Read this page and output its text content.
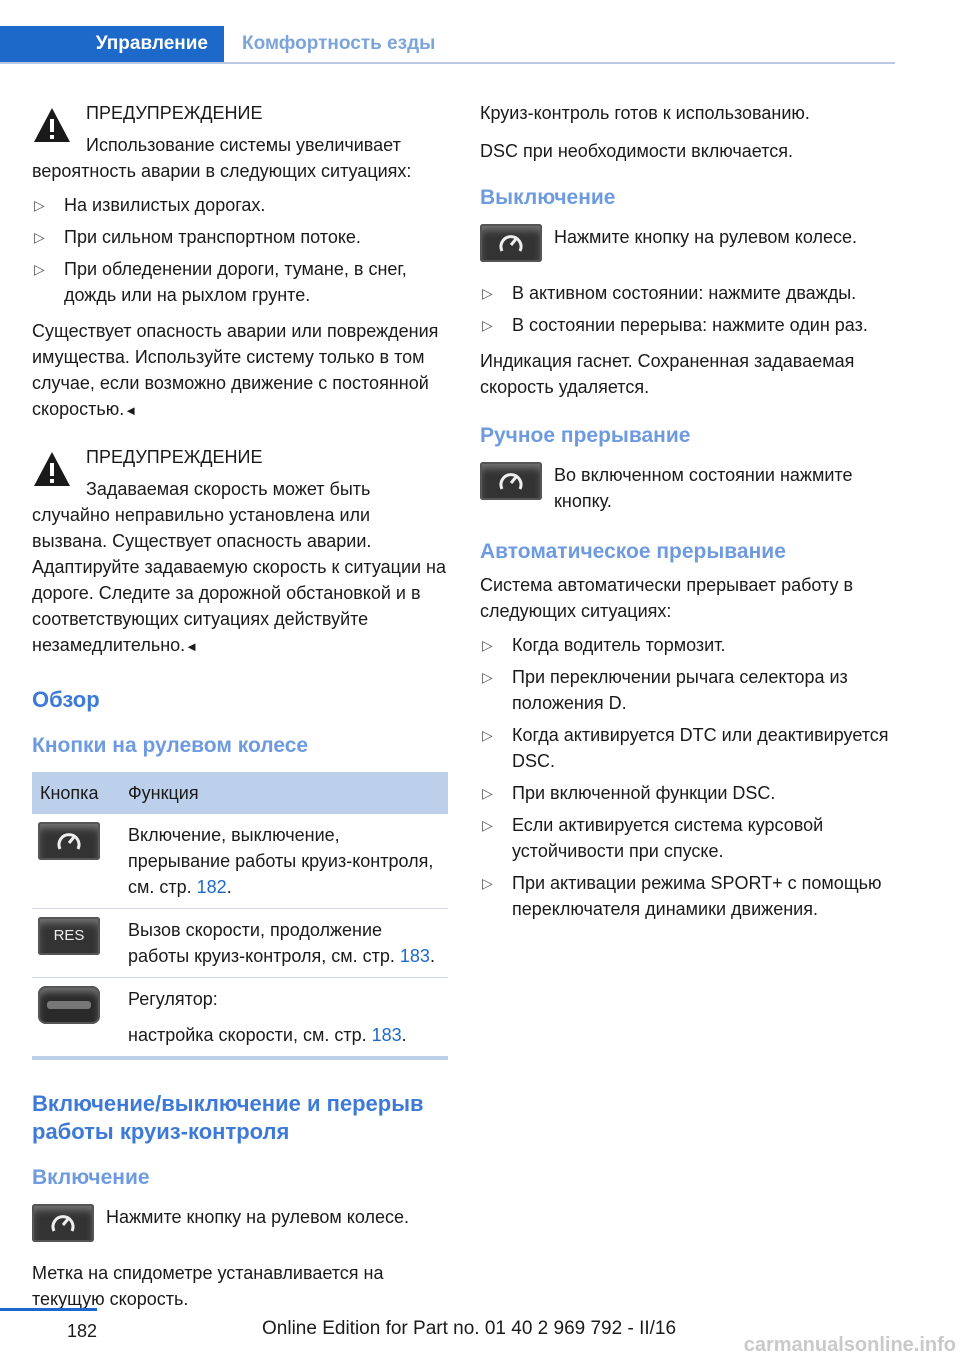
Управление	Комфортность езды
ПРЕДУПРЕЖДЕНИЕ

Использование системы увеличивает вероятность аварии в следующих ситуациях:

▷ На извилистых дорогах.
▷ При сильном транспортном потоке.
▷ При обледенении дороги, тумане, в снег, дождь или на рыхлом грунте.

Существует опасность аварии или повреждения имущества. Используйте систему только в том случае, если возможно движение с постоянной скоростью.◄

ПРЕДУПРЕЖДЕНИЕ

Задаваемая скорость может быть случайно неправильно установлена или вызвана. Существует опасность аварии. Адаптируйте задаваемую скорость к ситуации на дороге. Следите за дорожной обстановкой и в соответствующих ситуациях действуйте незамедлительно.◄

Обзор
Кнопки на рулевом колесе
Кнопка	Функция

	Включение, выключение, прерывание работы круиз-контроля, см. стр. 182.

RES	Вызов скорости, продолжение работы круиз-контроля, см. стр. 183.

Регулятор:
настройка скорости, см. стр. 183.
Включение/выключение и перерыв работы круиз-контроля
Включение
Нажмите кнопку на рулевом колесе.

Метка на спидометре устанавливается на текущую скорость.

Круиз-контроль готов к использованию.

DSC при необходимости включается.

Выключение
Нажмите кнопку на рулевом колесе.
▷ В активном состоянии: нажмите дважды.
▷ В состоянии перерыва: нажмите один раз.

Индикация гаснет. Сохраненная задаваемая скорость удаляется.

Ручное прерывание
Во включенном состоянии нажмите кнопку.
Автоматическое прерывание

Система автоматически прерывает работу в следующих ситуациях:

▷ Когда водитель тормозит.
▷ При переключении рычага селектора из положения D.
▷ Когда активируется DTC или деактивируется DSC.
▷ При включенной функции DSC.
▷ Если активируется система курсовой устойчивости при спуске.
▷ При активации режима SPORT+ с помощью переключателя динамики движения.
182	Online Edition for Part no. 01 40 2 969 792 - II/16
carmanualsonline.info
